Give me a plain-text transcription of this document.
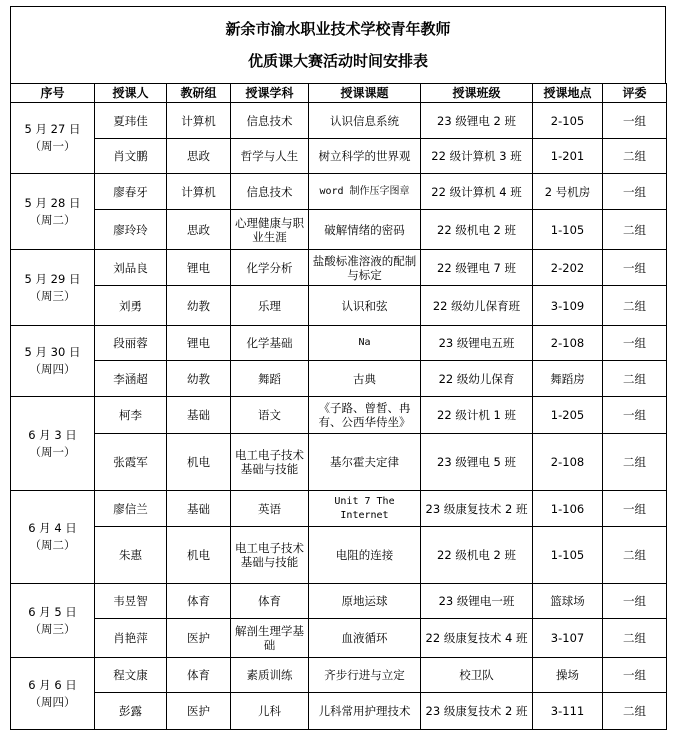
新余市渝水职业技术学校青年教师
优质课大赛活动时间安排表
序号	授课人	教研组	授课学科	授课课题	授课班级	授课地点	评委

5 月 27 日
（周一）	夏玮佳	计算机	信息技术	认识信息系统	23 级锂电 2 班	2-105	一组
	肖文鹏	思政	哲学与人生	树立科学的世界观	22 级计算机 3 班	1-201	二组

5 月 28 日
（周二）	廖春牙	计算机	信息技术	word 制作压字图章	22 级计算机 4 班	2 号机房	一组
	廖玲玲	思政	心理健康与职业生涯	破解情绪的密码	22 级机电 2 班	1-105	二组

5 月 29 日
（周三）	刘品良	锂电	化学分析	盐酸标准溶液的配制与标定	22 级锂电 7 班	2-202	一组
	刘勇	幼教	乐理	认识和弦	22 级幼儿保育班	3-109	二组

5 月 30 日
（周四）	段丽蓉	锂电	化学基础	Na	23 级锂电五班	2-108	一组
	李涵超	幼教	舞蹈	古典	22 级幼儿保育	舞蹈房	二组

6 月 3 日
（周一）	柯李	基础	语文	《子路、曾皙、冉有、公西华侍坐》	22 级计机 1 班	1-205	一组
	张霞军	机电	电工电子技术基础与技能	基尔霍夫定律	23 级锂电 5 班	2-108	二组

6 月 4 日
（周二）	廖信兰	基础	英语	Unit 7 The Internet	23 级康复技术 2 班	1-106	一组
	朱惠	机电	电工电子技术基础与技能	电阻的连接	22 级机电 2 班	1-105	二组

6 月 5 日
（周三）	韦昱智	体育	体育	原地运球	23 级锂电一班	篮球场	一组
	肖艳萍	医护	解剖生理学基础	血液循环	22 级康复技术 4 班	3-107	二组

6 月 6 日
（周四）	程文康	体育	素质训练	齐步行进与立定	校卫队	操场	一组
	彭露	医护	儿科	儿科常用护理技术	23 级康复技术 2 班	3-111	二组
